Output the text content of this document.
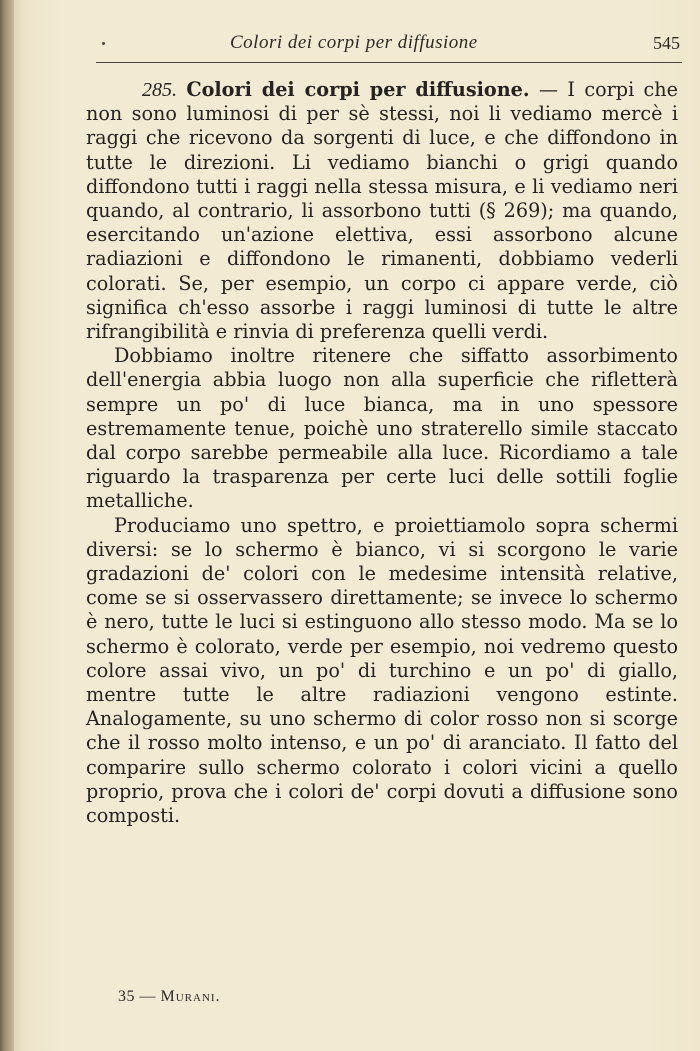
Colori dei corpi per diffusione	545

285. Colori dei corpi per diffusione. — I corpi che non sono luminosi di per sè stessi, noi li vediamo mercè i raggi che ricevono da sorgenti di luce, e che diffondono in tutte le direzioni. Li vediamo bianchi o grigi quando diffondono tutti i raggi nella stessa misura, e li vediamo neri quando, al contrario, li assorbono tutti (§ 269); ma quando, esercitando un'azione elettiva, essi assorbono alcune radiazioni e diffondono le rimanenti, dobbiamo vederli colorati. Se, per esempio, un corpo ci appare verde, ciò significa ch'esso assorbe i raggi luminosi di tutte le altre rifrangibilità e rinvia di preferenza quelli verdi.

Dobbiamo inoltre ritenere che siffatto assorbimento dell'energia abbia luogo non alla superficie che rifletterà sempre un po' di luce bianca, ma in uno spessore estremamente tenue, poichè uno straterello simile staccato dal corpo sarebbe permeabile alla luce. Ricordiamo a tale riguardo la trasparenza per certe luci delle sottili foglie metalliche.

Produciamo uno spettro, e proiettiamolo sopra schermi diversi: se lo schermo è bianco, vi si scorgono le varie gradazioni de' colori con le medesime intensità relative, come se si osservassero direttamente; se invece lo schermo è nero, tutte le luci si estinguono allo stesso modo. Ma se lo schermo è colorato, verde per esempio, noi vedremo questo colore assai vivo, un po' di turchino e un po' di giallo, mentre tutte le altre radiazioni vengono estinte. Analogamente, su uno schermo di color rosso non si scorge che il rosso molto intenso, e un po' di aranciato. Il fatto del comparire sullo schermo colorato i colori vicini a quello proprio, prova che i colori de' corpi dovuti a diffusione sono composti.

35 — Murani.
